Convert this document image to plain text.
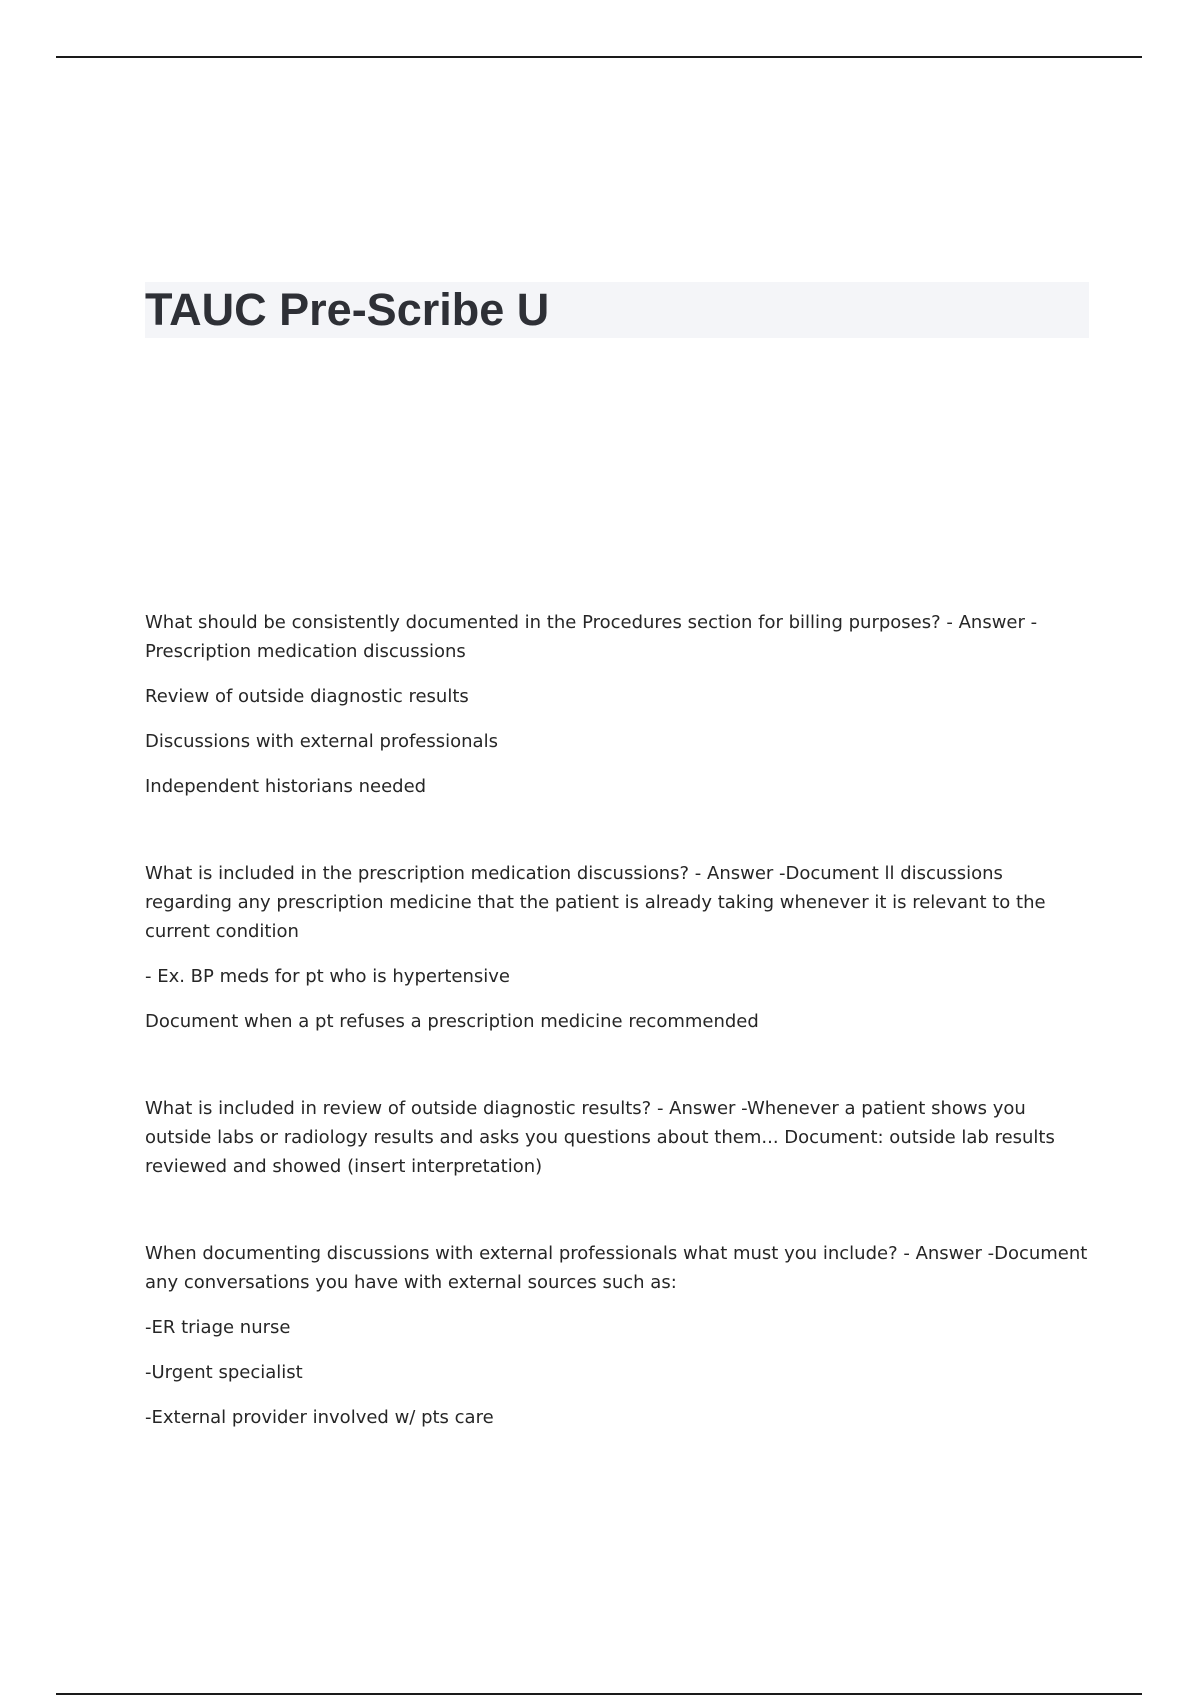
TAUC Pre-Scribe U

What should be consistently documented in the Procedures section for billing purposes? - Answer - Prescription medication discussions

Review of outside diagnostic results

Discussions with external professionals

Independent historians needed

What is included in the prescription medication discussions? - Answer -Document ll discussions regarding any prescription medicine that the patient is already taking whenever it is relevant to the current condition

- Ex. BP meds for pt who is hypertensive

Document when a pt refuses a prescription medicine recommended

What is included in review of outside diagnostic results? - Answer -Whenever a patient shows you outside labs or radiology results and asks you questions about them... Document: outside lab results reviewed and showed (insert interpretation)

When documenting discussions with external professionals what must you include? - Answer -Document any conversations you have with external sources such as:

-ER triage nurse

-Urgent specialist

-External provider involved w/ pts care
